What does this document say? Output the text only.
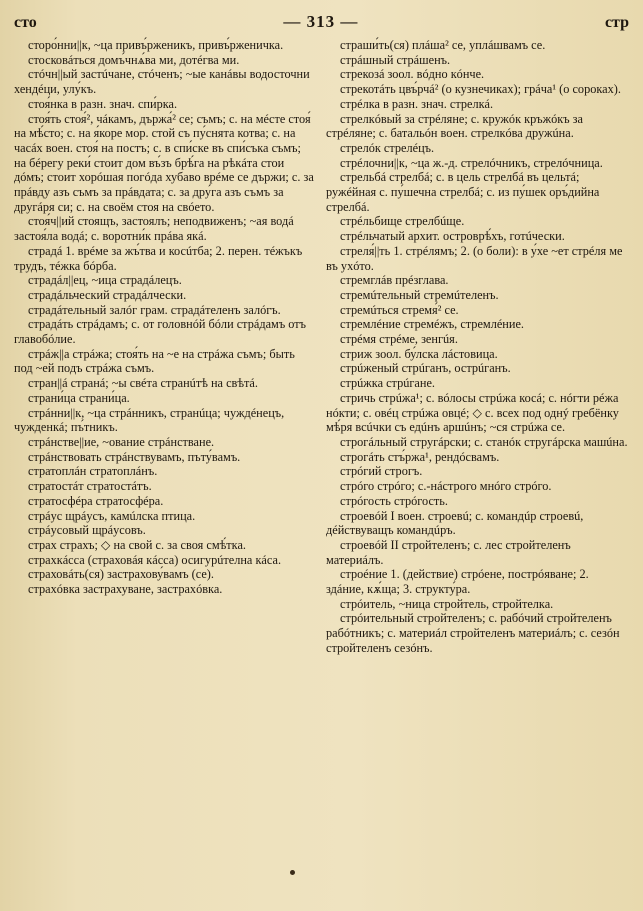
сто	— 313 —	стр

сторо́нни||к, ~ца привъ́рженикъ, привъ́рженичка.

стосковáться домъ́чнѧ́ва ми, дотéгва ми.

стóчн||ый застúчане, стóченъ; ~ые канáвы водосточни хендéци, улу́къ.

стоя́нка в разн. знач. спи́рка.

стоя́ть стоя́², чáкамъ, държа́² се; съмъ; с. на мéсте стоя́ на мѣ́сто; с. на я́коре мор. стой съ пу́снята котва; с. на часáх воен. стоя́ на постъ; с. в спи́ске въ спи́съка съмъ; на бéрегу реки́ стоит дом въ́зъ брѣ́га на рѣкáта стои дóмъ; стоит хорóшая погóда хубаво врéме се държи; с. за прáвду азъ съмъ за прáвдата; с. за дру́га азъ съмъ за другáря си; с. на своём стоя на свóето.

стоя́ч||ий стоящъ, застоялъ; неподвиженъ; ~ая водá застоя́ла водá; с. воротни́к прáва якá.

страдá 1. врéме за жъ́тва и косúтба; 2. перен. тéжъкъ трудъ, тéжка бóрба.

страдáл||ец, ~ица страдáлецъ.

страдáльческий страдáлчески.

страдáтельный залóг грам. страдáтеленъ залóгъ.

страдáть стрáдамъ; с. от головнóй бóли стрáдамъ отъ главобóлие.

стрáж||а стрáжа; стоя́ть на ~е на стрáжа съмъ; быть под ~ей подъ стрáжа съмъ.

стран||á странá; ~ы свéта странúтѣ на свѣтá.

страни́ца страни́ца.

стрáнни||к, ~ца стрáнникъ, странúца; чуждéнецъ, чужденкá; пъ́тникъ.

стрáнстве||ие, ~ование стрáнстване.

стрáнствовать стрáнствувамъ, пъту́вамъ.

стратоплáн стратоплáнъ.

стратостáт стратостáтъ.

стратосфéра стратосфéра.

стрáус щрáусъ, камúлска птица.

стрáусовый щрáусовъ.

страх страхъ; ◇ на свой с. за своя смѣ́тка.

страхкáсса (страховáя кáсса) осигурúтелна кáса.

страховáть(ся) застрахову́вамъ (се).

страхóвка застрахуване, застрахóвка.

страши́ть(ся) плáша² се, уплáшвамъ се.

стрáшный стрáшенъ.

стрекозá зоол. вóдно кóнче.

стрекотáть цвъ́рчá² (о кузнечиках); грáча¹ (о сороках).

стрéлка в разн. знач. стрелкá.

стрелкóвый за стрéляне; с. кружóк кръжóкъ за стрéляне; с. батальóн воен. стрелкóва дружúна.

стрелóк стрелéцъ.

стрéлочни||к, ~ца ж.-д. стрелóчникъ, стрелóчница.

стрельбá стрелбá; с. в цель стрелбá въ цельтá; ружéйная с. пу́шечна стрелбá; с. из пу́шек оръ́дийна стрелбá.

стрéльбище стрелбúще.

стрéльчатый архит. островрѣ́хъ, готúчески.

стреля́||ть 1. стрéлямъ; 2. (о боли): в у́хе ~ет стрéля ме въ ухóто.

стремглáв прéзглава.

стремúтельный стремúтеленъ.

стремúться стремя́² се.

стремлéние стремéжъ, стремлéние.

стрéмя стрéме, зенгúя.

стриж зоол. бу́лска лáстовица.

стрúженый стрúганъ, острúганъ.

стрúжка стрúгане.

стричь стрúжа¹; с. вóлосы стрúжа косá; с. нóгти рéжа нóкти; с. овéц стрúжа овцé; ◇ с. всех под однý гребёнку мѣ́ря всúчки съ едúнъ аршúнъ; ~ся стрúжа се.

строгáльный стругáрски; с. станóк стругáрска машúна.

строгáть стъ́ржа¹, рендóсвамъ.

стрóгий строгъ.

стрóго стрóго; с.-нáстрого мнóго стрóго.

стрóгость стрóгость.

строевóй I воен. строевú; с. командúр строевú, дéйствуващъ командúръ.

строевóй II стройтеленъ; с. лес стройтеленъ материáлъ.

строéние 1. (действие) стрóене, пострóяване; 2. здáние, кѫ́ща; 3. структу́ра.

стрóитель, ~ница стройтель, стройтелка.

стрóительный стройтеленъ; с. рабóчий стройтеленъ рабóтникъ; с. материáл стройтеленъ материáлъ; с. сезóн стройтеленъ сезóнъ.
